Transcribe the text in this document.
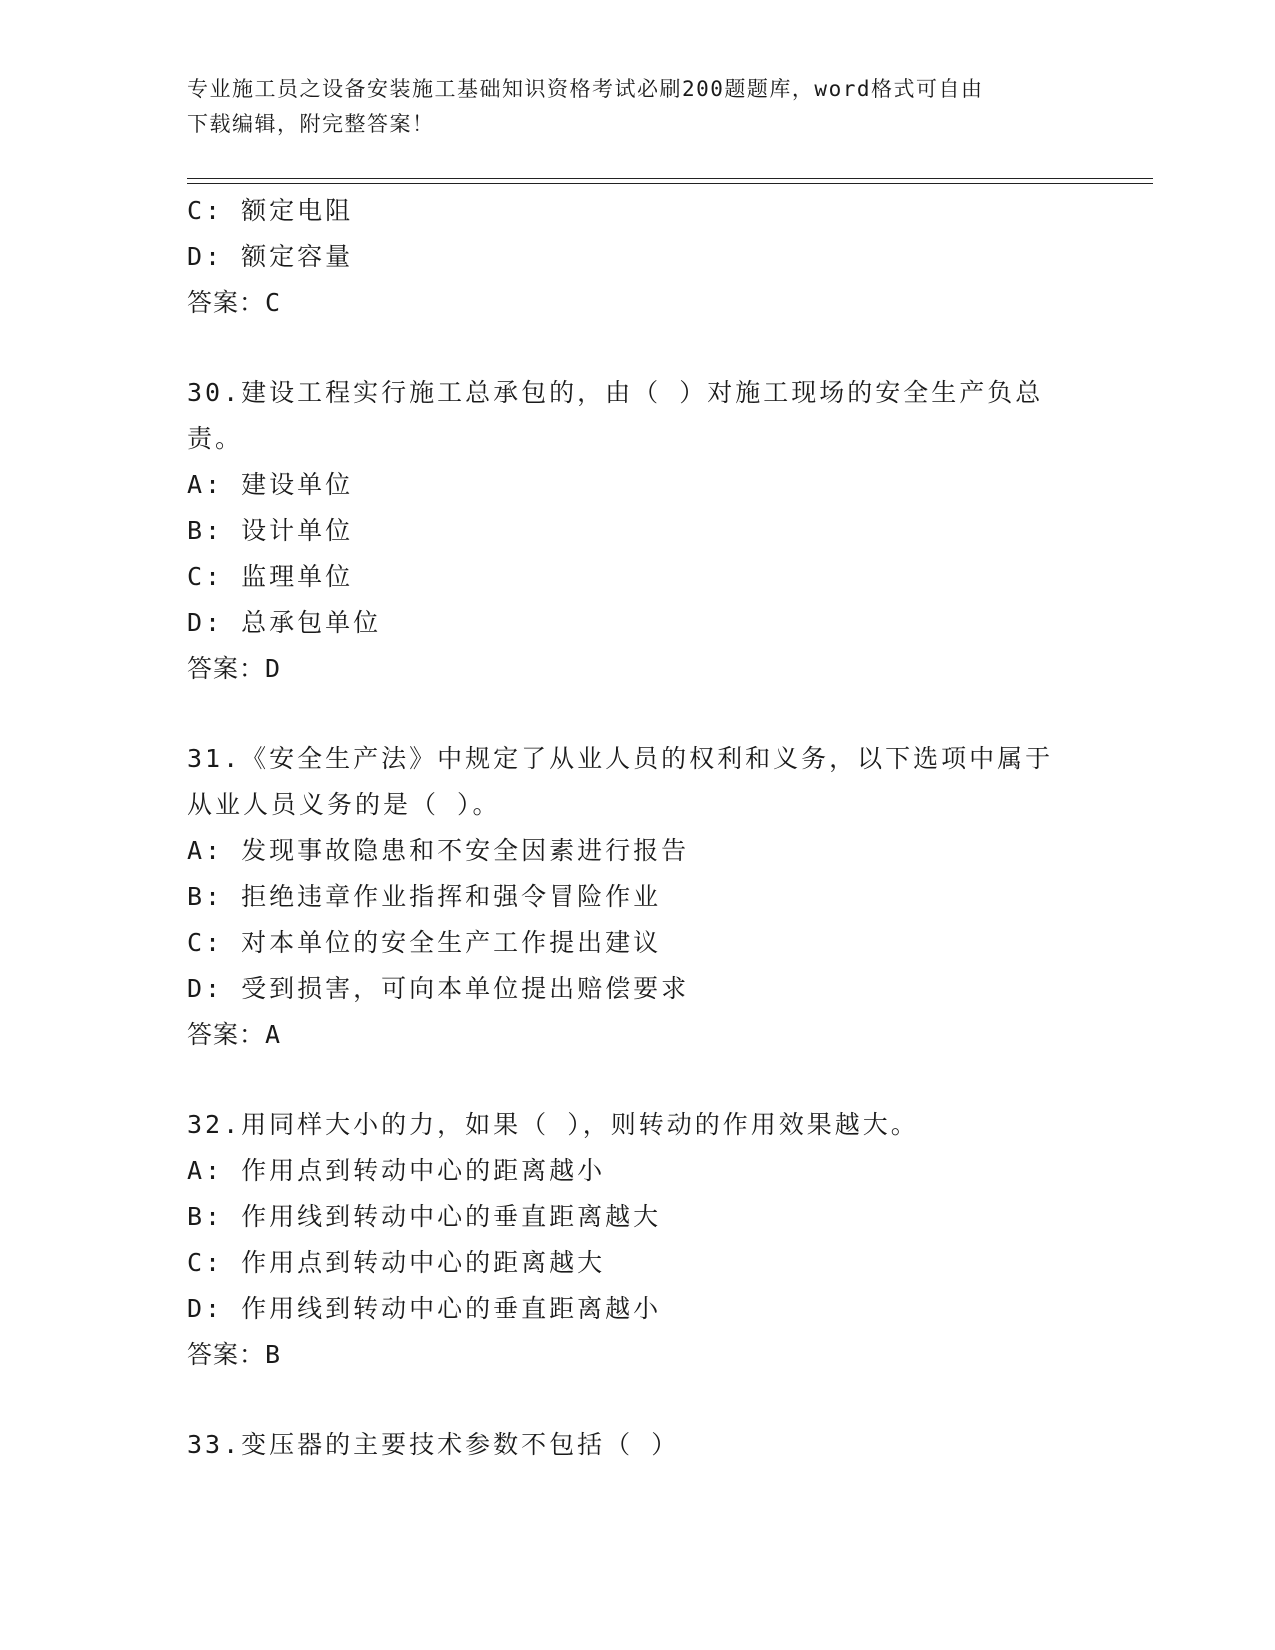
专业施工员之设备安装施工基础知识资格考试必刷200题题库，word格式可自由
下载编辑，附完整答案！
C: 额定电阻
D: 额定容量
答案：C
30.建设工程实行施工总承包的，由（ ）对施工现场的安全生产负总
责。
A: 建设单位
B: 设计单位
C: 监理单位
D: 总承包单位
答案：D
31.《安全生产法》中规定了从业人员的权利和义务，以下选项中属于
从业人员义务的是（ ）。
A: 发现事故隐患和不安全因素进行报告
B: 拒绝违章作业指挥和强令冒险作业
C: 对本单位的安全生产工作提出建议
D: 受到损害，可向本单位提出赔偿要求
答案：A
32.用同样大小的力，如果（ ），则转动的作用效果越大。
A: 作用点到转动中心的距离越小
B: 作用线到转动中心的垂直距离越大
C: 作用点到转动中心的距离越大
D: 作用线到转动中心的垂直距离越小
答案：B
33.变压器的主要技术参数不包括（ ）
